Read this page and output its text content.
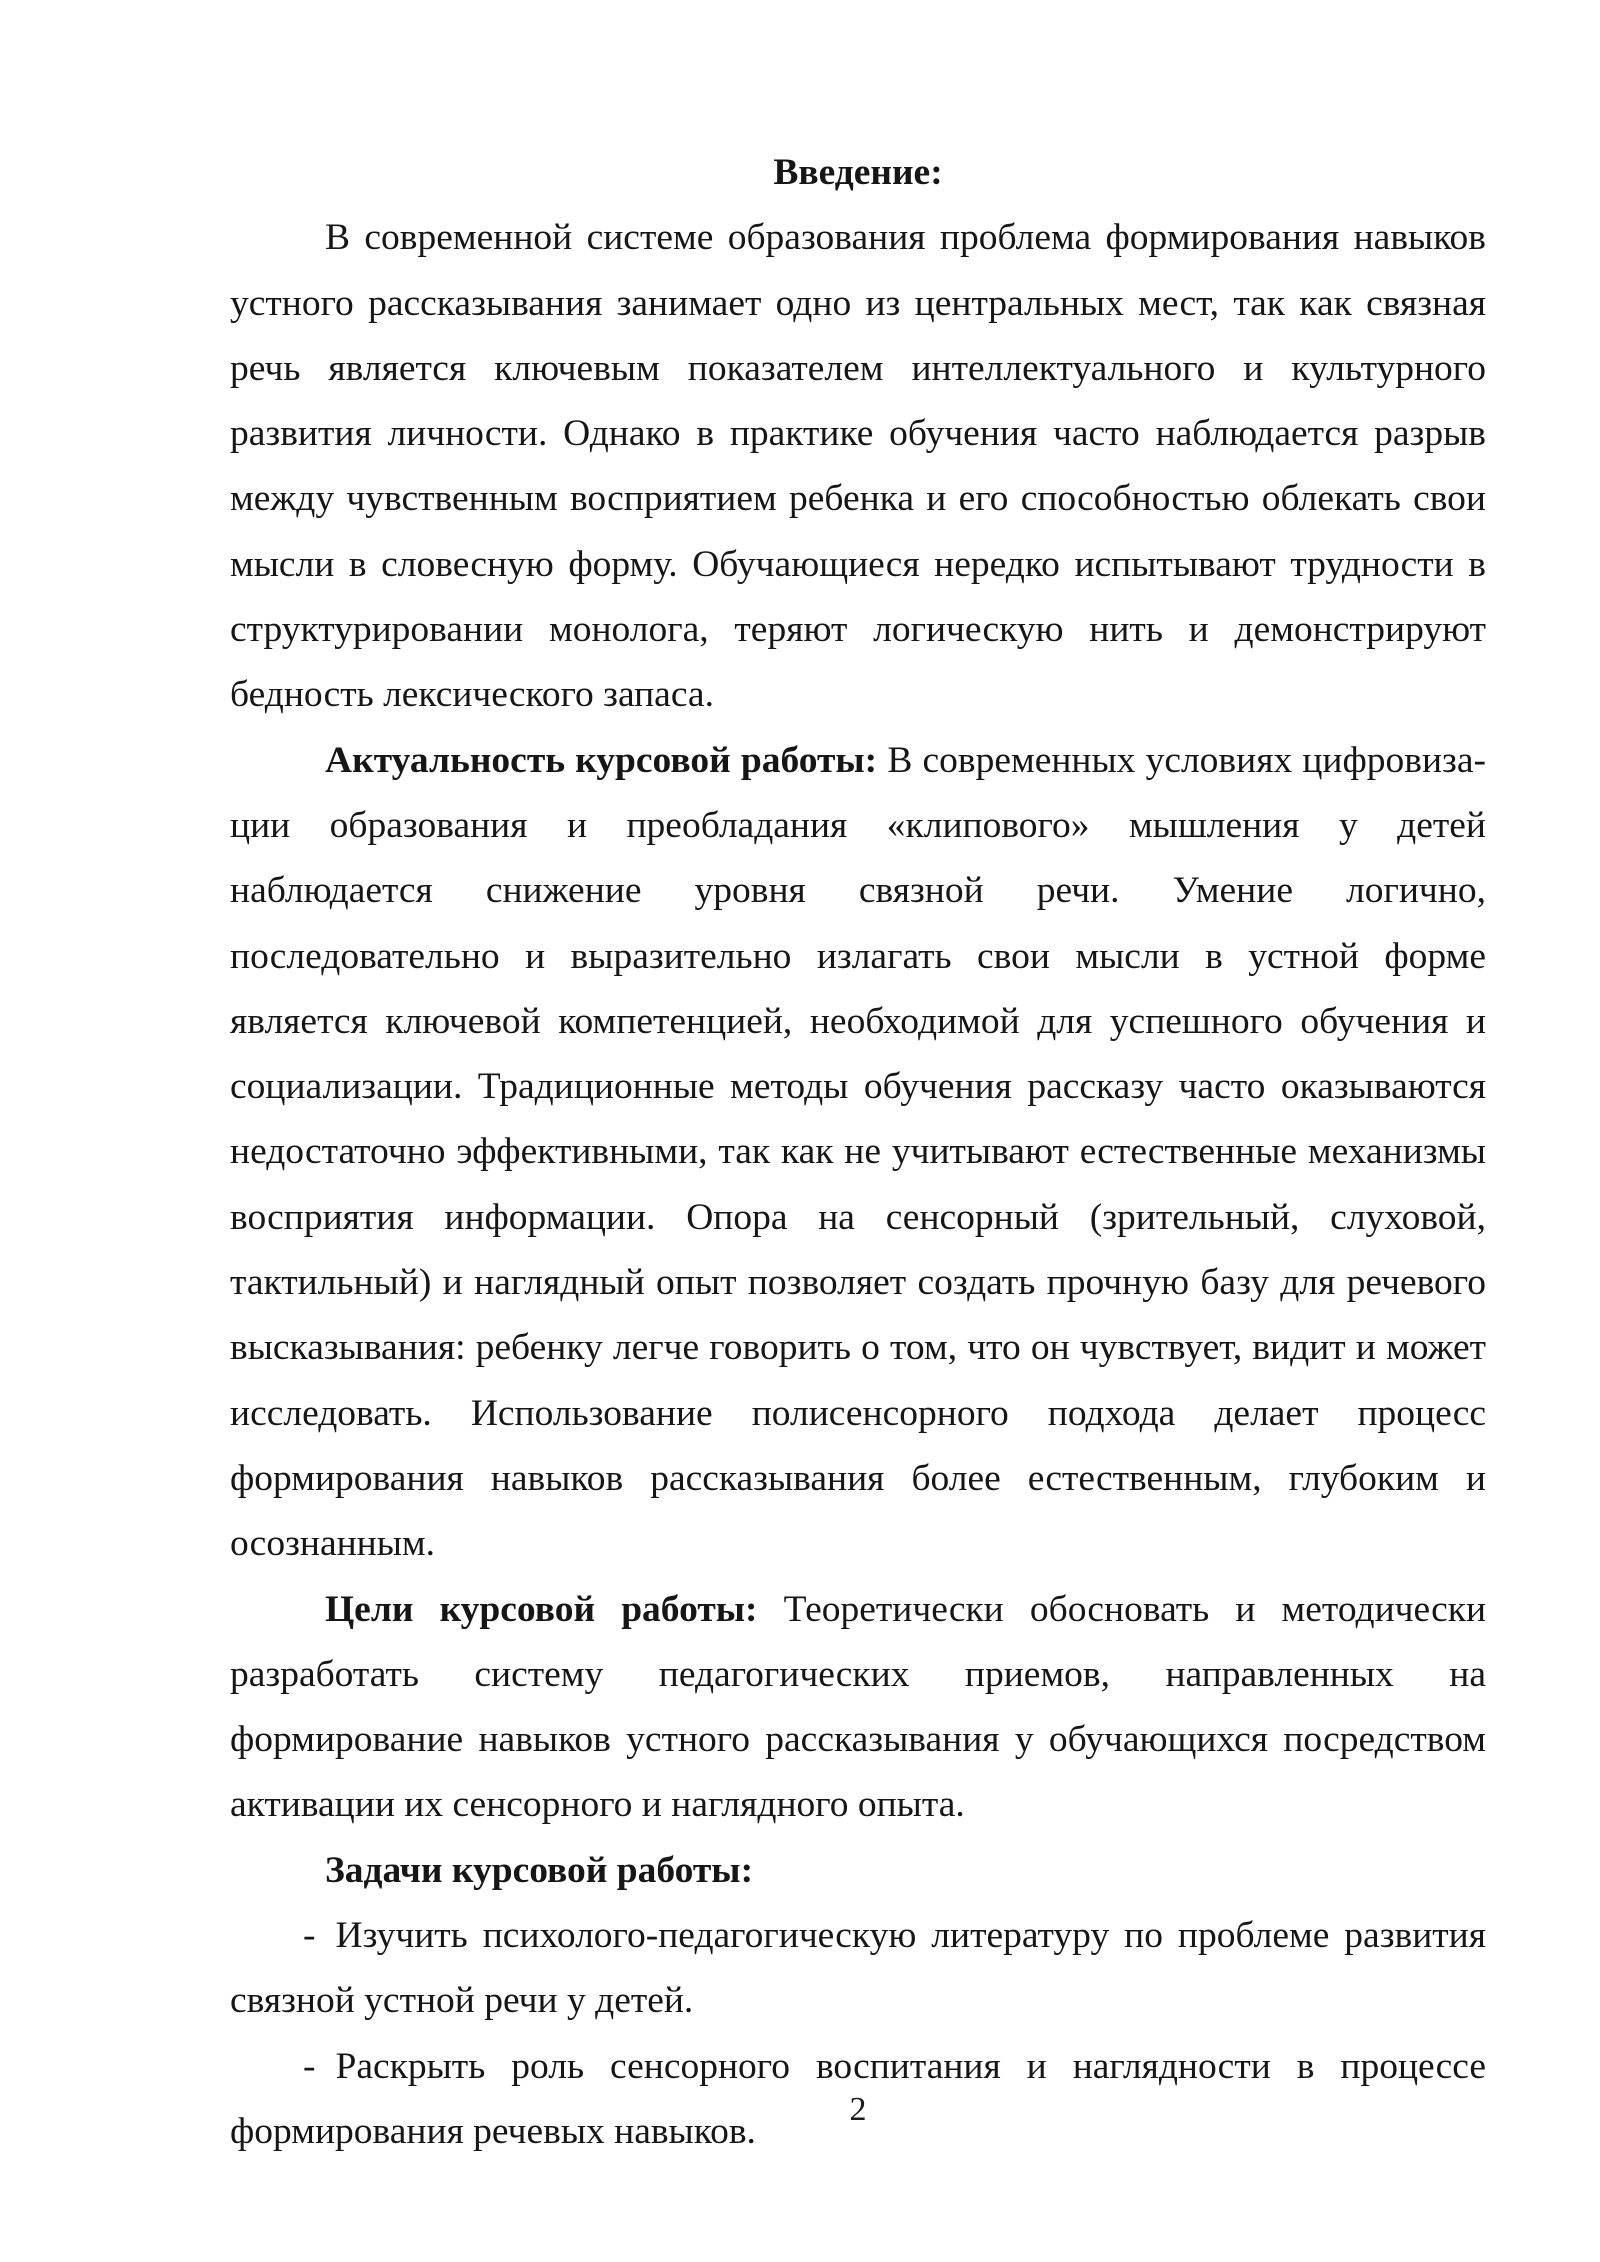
Введение:

В современной системе образования проблема формирования навыков устного рассказывания занимает одно из центральных мест, так как связная речь является ключевым показателем интеллектуального и культурного развития личности. Однако в практике обучения часто наблюдается разрыв между чувственным восприятием ребенка и его способностью облекать свои мысли в словесную форму. Обучающиеся нередко испытывают трудности в структурировании монолога, теряют логическую нить и демонстрируют бедность лексического запаса.

Актуальность курсовой работы: В современных условиях цифровизации образования и преобладания «клипового» мышления у детей наблюдается снижение уровня связной речи. Умение логично, последовательно и выразительно излагать свои мысли в устной форме является ключевой компетенцией, необходимой для успешного обучения и социализации. Традиционные методы обучения рассказу часто оказываются недостаточно эффективными, так как не учитывают естественные механизмы восприятия информации. Опора на сенсорный (зрительный, слуховой, тактильный) и наглядный опыт позволяет создать прочную базу для речевого высказывания: ребенку легче говорить о том, что он чувствует, видит и может исследовать. Использование полисенсорного подхода делает процесс формирования навыков рассказывания более естественным, глубоким и осознанным.

Цели курсовой работы: Теоретически обосновать и методически разработать систему педагогических приемов, направленных на формирование навыков устного рассказывания у обучающихся посредством активации их сенсорного и наглядного опыта.

Задачи курсовой работы:

- Изучить психолого-педагогическую литературу по проблеме развития связной устной речи у детей.

- Раскрыть роль сенсорного воспитания и наглядности в процессе формирования речевых навыков.

2
